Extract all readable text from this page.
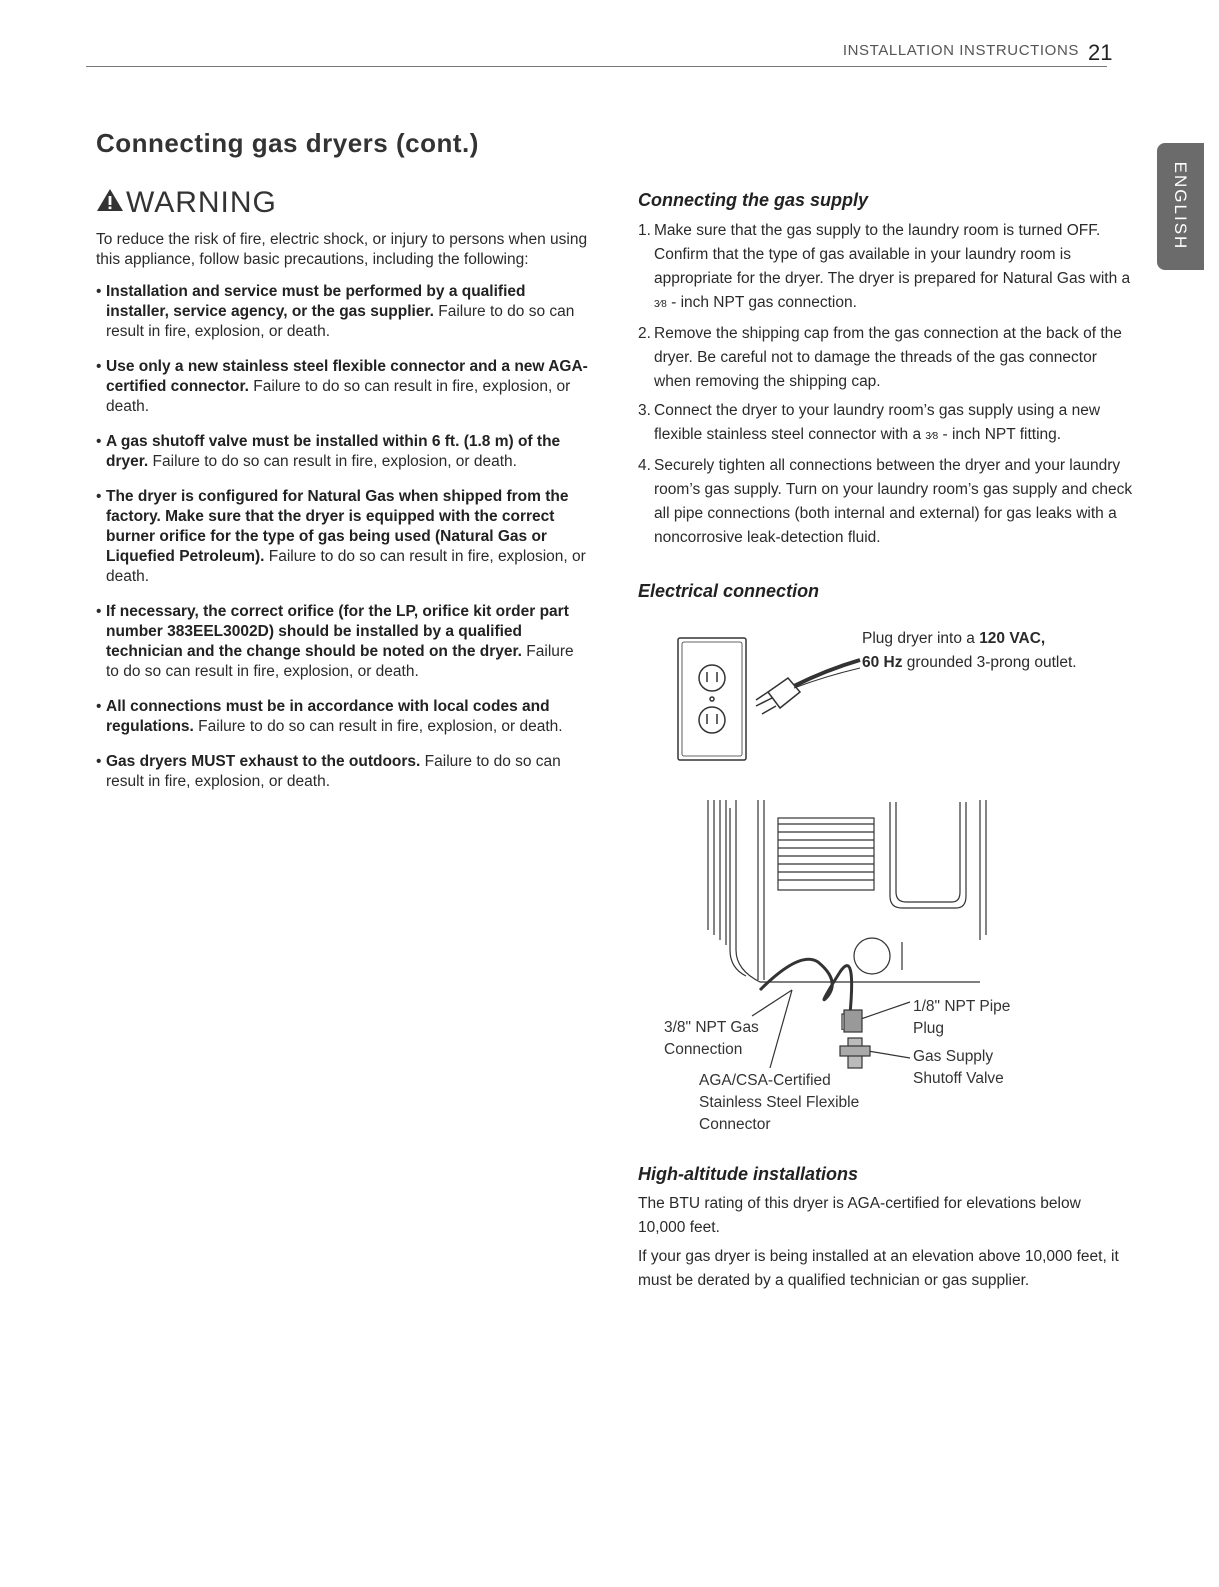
INSTALLATION INSTRUCTIONS 21
ENGLISH
Connecting gas dryers (cont.)
WARNING

To reduce the risk of fire, electric shock, or injury to persons when using this appliance, follow basic precautions, including the following:

• Installation and service must be performed by a qualified installer, service agency, or the gas supplier. Failure to do so can result in fire, explosion, or death.
• Use only a new stainless steel flexible connector and a new AGA-certified connector. Failure to do so can result in fire, explosion, or death.
• A gas shutoff valve must be installed within 6 ft. (1.8 m) of the dryer. Failure to do so can result in fire, explosion, or death.
• The dryer is configured for Natural Gas when shipped from the factory. Make sure that the dryer is equipped with the correct burner orifice for the type of gas being used (Natural Gas or Liquefied Petroleum). Failure to do so can result in fire, explosion, or death.
• If necessary, the correct orifice (for the LP, orifice kit order part number 383EEL3002D) should be installed by a qualified technician and the change should be noted on the dryer. Failure to do so can result in fire, explosion, or death.
• All connections must be in accordance with local codes and regulations. Failure to do so can result in fire, explosion, or death.
• Gas dryers MUST exhaust to the outdoors. Failure to do so can result in fire, explosion, or death.
Connecting the gas supply
1. Make sure that the gas supply to the laundry room is turned OFF. Confirm that the type of gas available in your laundry room is appropriate for the dryer. The dryer is prepared for Natural Gas with a 3⁄8 - inch NPT gas connection.
2. Remove the shipping cap from the gas connection at the back of the dryer. Be careful not to damage the threads of the gas connector when removing the shipping cap.
3. Connect the dryer to your laundry room’s gas supply using a new flexible stainless steel connector with a 3⁄8 - inch NPT fitting.
4. Securely tighten all connections between the dryer and your laundry room’s gas supply. Turn on your laundry room’s gas supply and check all pipe connections (both internal and external) for gas leaks with a noncorrosive leak-detection fluid.
Electrical connection
Plug dryer into a 120 VAC,
60 Hz grounded 3-prong outlet.
3/8" NPT Gas
Connection
AGA/CSA-Certified
Stainless Steel Flexible
Connector
1/8" NPT Pipe
Plug
Gas Supply
Shutoff Valve
High-altitude installations

The BTU rating of this dryer is AGA-certified for elevations below 10,000 feet.

If your gas dryer is being installed at an elevation above 10,000 feet, it must be derated by a qualified technician or gas supplier.
